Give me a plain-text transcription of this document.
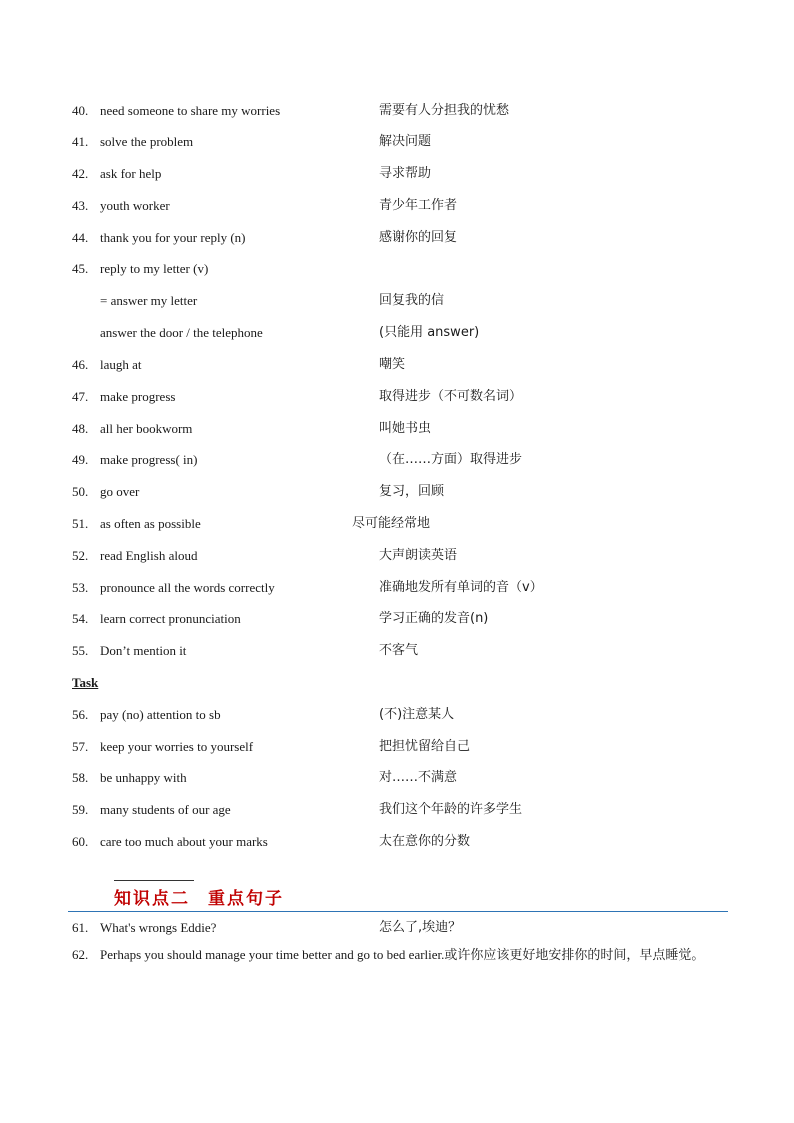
40. need someone to share my worries	需要有人分担我的忧愁
41. solve the problem	解决问题
42. ask for help	寻求帮助
43. youth worker	青少年工作者
44. thank you for your reply (n)	感谢你的回复
45. reply to my letter (v)
= answer my letter	回复我的信
answer the door / the telephone	(只能用 answer)
46. laugh at	嘲笑
47. make progress	取得进步（不可数名词）
48. all her bookworm	叫她书虫
49. make progress( in)	（在……方面）取得进步
50. go over	复习，回顾
51. as often as possible	尽可能经常地
52. read English aloud	大声朗读英语
53. pronounce all the words correctly	准确地发所有单词的音（v）
54. learn correct pronunciation	学习正确的发音(n)
55. Don’t mention it	不客气
Task
56. pay (no) attention to sb	(不)注意某人
57. keep your worries to yourself	把担忧留给自己
58. be unhappy with	对……不满意
59. many students of our age	我们这个年龄的许多学生
60. care too much about your marks	太在意你的分数
知识点二 重点句子
61. What's wrongs Eddie?	怎么了,埃迪？
62. Perhaps you should manage your time better and go to bed earlier.或许你应该更好地安排你的时间，早点睡觉。
